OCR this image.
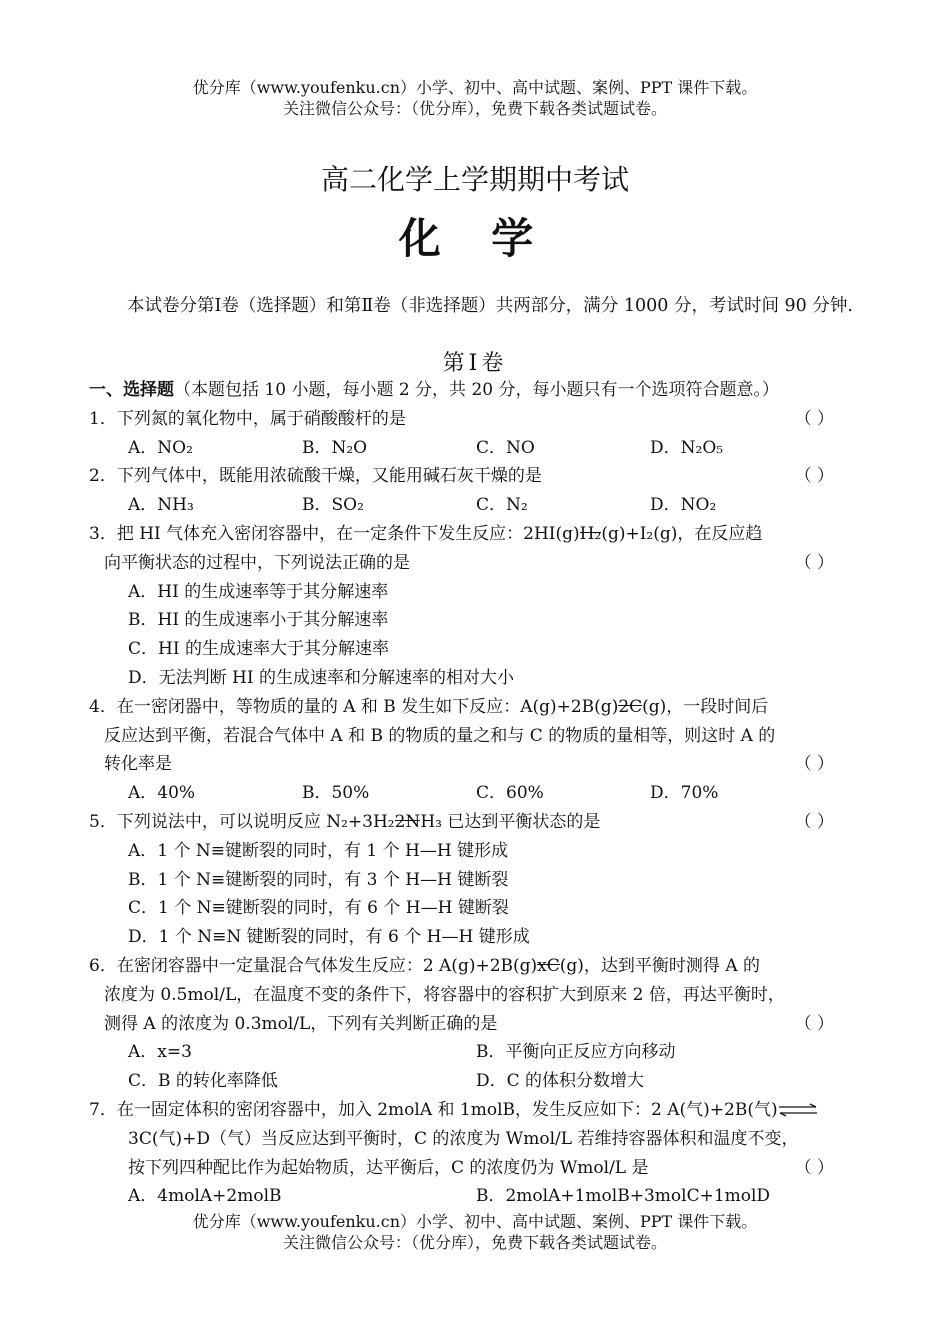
优分库（www.youfenku.cn）小学、初中、高中试题、案例、PPT 课件下载。
关注微信公众号：（优分库），免费下载各类试题试卷。
高二化学上学期期中考试
化 学
本试卷分第Ⅰ卷（选择题）和第Ⅱ卷（非选择题）共两部分，满分 1000 分，考试时间 90 分钟.
第Ⅰ卷
一、选择题（本题包括 10 小题，每小题 2 分，共 20 分，每小题只有一个选项符合题意。）
1．下列氮的氧化物中，属于硝酸酸杆的是	（ ）
A．NO₂	B．N₂O	C．NO	D．N₂O₅
2．下列气体中，既能用浓硫酸干燥，又能用碱石灰干燥的是	（ ）
A．NH₃	B．SO₂	C．N₂	D．NO₂
3．把 HI 气体充入密闭容器中，在一定条件下发生反应：2HI(g)H₂(g)+I₂(g)，在反应趋
向平衡状态的过程中，下列说法正确的是	（ ）
A．HI 的生成速率等于其分解速率
B．HI 的生成速率小于其分解速率
C．HI 的生成速率大于其分解速率
D．无法判断 HI 的生成速率和分解速率的相对大小
4．在一密闭器中，等物质的量的 A 和 B 发生如下反应：A(g)+2B(g)2C(g)，一段时间后
反应达到平衡，若混合气体中 A 和 B 的物质的量之和与 C 的物质的量相等，则这时 A 的
转化率是	（ ）
A．40%	B．50%	C．60%	D．70%
5．下列说法中，可以说明反应 N₂+3H₂2NH₃ 已达到平衡状态的是	（ ）
A．1 个 N≡键断裂的同时，有 1 个 H—H 键形成
B．1 个 N≡键断裂的同时，有 3 个 H—H 键断裂
C．1 个 N≡键断裂的同时，有 6 个 H—H 键断裂
D．1 个 N≡N 键断裂的同时，有 6 个 H—H 键形成
6．在密闭容器中一定量混合气体发生反应：2 A(g)+2B(g)xC(g)，达到平衡时测得 A 的
浓度为 0.5mol/L，在温度不变的条件下，将容器中的容积扩大到原来 2 倍，再达平衡时，
测得 A 的浓度为 0.3mol/L，下列有关判断正确的是	（ ）
A．x=3	B．平衡向正反应方向移动
C．B 的转化率降低	D．C 的体积分数增大
7．在一固定体积的密闭容器中，加入 2molA 和 1molB，发生反应如下：2 A(气)+2B(气)⇌
3C(气)+D（气）当反应达到平衡时，C 的浓度为 Wmol/L 若维持容器体积和温度不变，
按下列四种配比作为起始物质，达平衡后，C 的浓度仍为 Wmol/L 是	（ ）
A．4molA+2molB	B．2molA+1molB+3molC+1molD
优分库（www.youfenku.cn）小学、初中、高中试题、案例、PPT 课件下载。
关注微信公众号：（优分库），免费下载各类试题试卷。
